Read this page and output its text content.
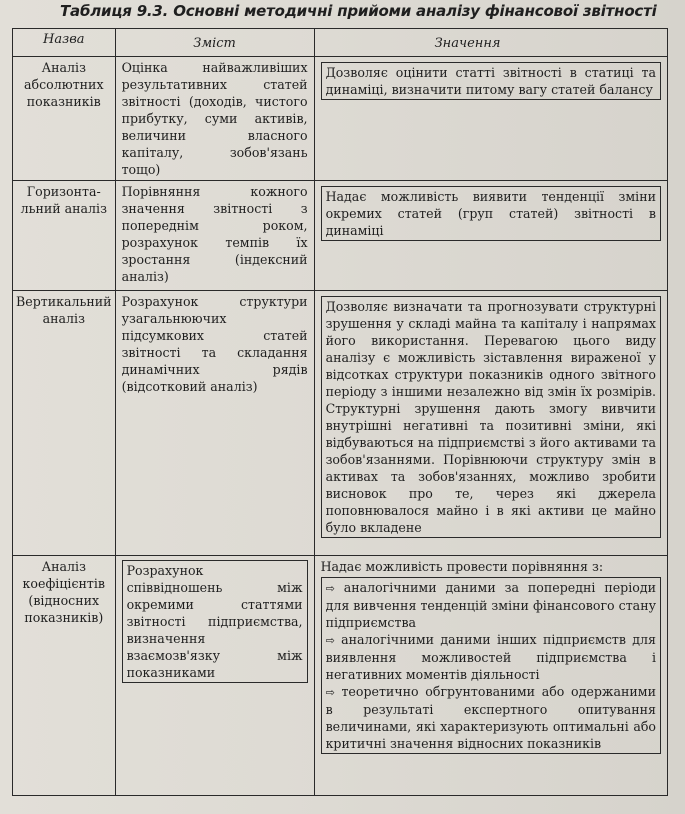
Таблиця 9.3. Основні методичні прийоми аналізу фінансової звітності
Назва	Зміст	Значення
Аналіз абсолютних показників	Оцінка найважливіших результативних статей звітності (доходів, чистого прибутку, суми активів, величини власного капіталу, зобов'язань тощо)	Дозволяє оцінити статті звітності в статиці та динаміці, визначити питому вагу статей балансу

Горизонта-льний аналіз	Порівняння кожного значення звітності з попереднім роком, розрахунок темпів їх зростання (індексний аналіз)	Надає можливість виявити тенденції зміни окремих статей (груп статей) звітності в динаміці

Вертикальний аналіз	Розрахунок структури узагальнюючих підсумкових статей звітності та складання динамічних рядів (відсотковий аналіз)	Дозволяє визначати та прогнозувати структурні зрушення у складі майна та капіталу і напрямах його використання. Перевагою цього виду аналізу є можливість зіставлення вираженої у відсотках структури показників одного звітного періоду з іншими незалежно від змін їх розмірів. Структурні зрушення дають змогу вивчити внутрішні негативні та позитивні зміни, які відбуваються на підприємстві з його активами та зобов'язаннями. Порівнюючи структуру змін в активах та зобов'язаннях, можливо зробити висновок про те, через які джерела поповнювалося майно і в які активи це майно було вкладене

Аналіз коефіцієнтів (відносних показників)	Розрахунок співвідношень між окремими статтями звітності підприємства, визначення взаємозв'язку між показниками	Надає можливість провести порівняння з:
⇨ аналогічними даними за попередні періоди для вивчення тенденцій зміни фінансового стану підприємства
⇨ аналогічними даними інших підприємств для виявлення можливостей підприємства і негативних моментів діяльності
⇨ теоретично обгрунтованими або одержаними в результаті експертного опитування величинами, які характеризують оптимальні або критичні значення відносних показників
